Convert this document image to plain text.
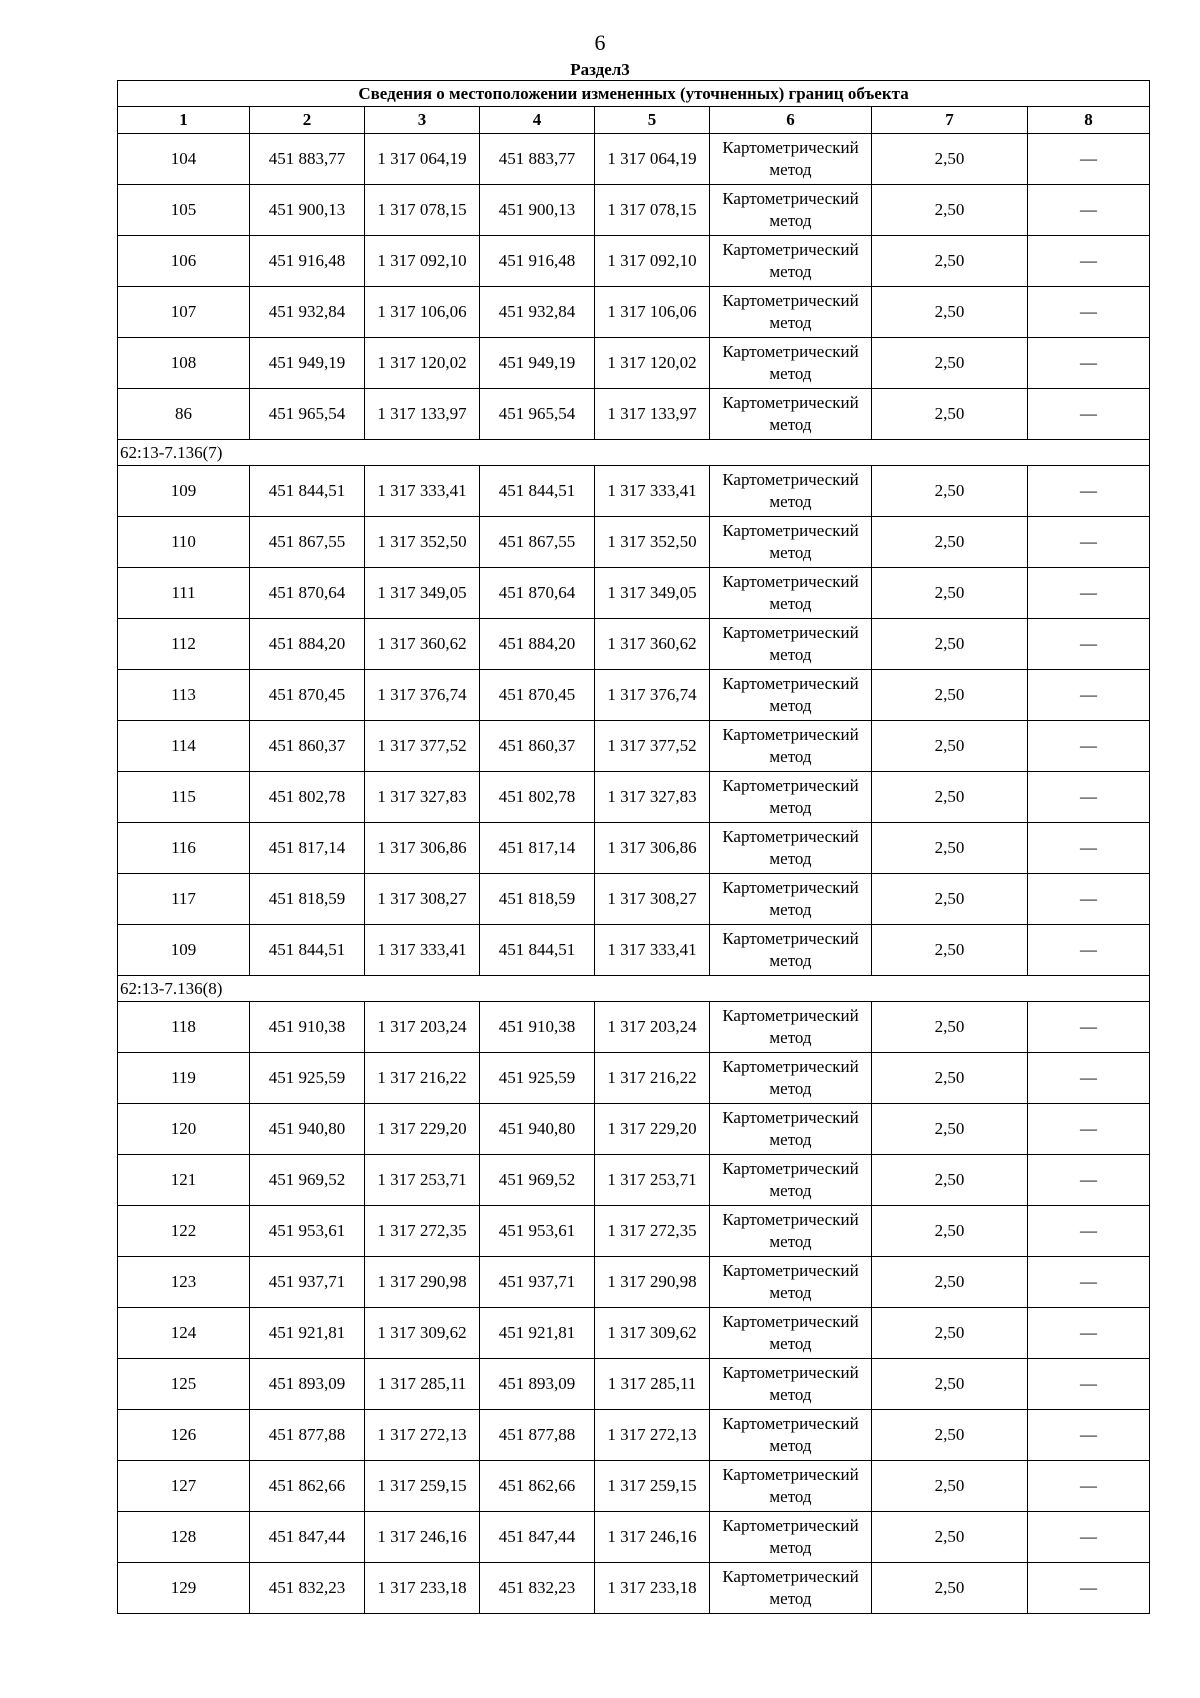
6
Раздел3
Сведения о местоположении измененных (уточненных) границ объекта							
1	2	3	4	5	6	7	8
104	451 883,77	1 317 064,19	451 883,77	1 317 064,19	Картометрический метод	2,50	—
105	451 900,13	1 317 078,15	451 900,13	1 317 078,15	Картометрический метод	2,50	—
106	451 916,48	1 317 092,10	451 916,48	1 317 092,10	Картометрический метод	2,50	—
107	451 932,84	1 317 106,06	451 932,84	1 317 106,06	Картометрический метод	2,50	—
108	451 949,19	1 317 120,02	451 949,19	1 317 120,02	Картометрический метод	2,50	—
86	451 965,54	1 317 133,97	451 965,54	1 317 133,97	Картометрический метод	2,50	—
62:13-7.136(7)							
109	451 844,51	1 317 333,41	451 844,51	1 317 333,41	Картометрический метод	2,50	—
110	451 867,55	1 317 352,50	451 867,55	1 317 352,50	Картометрический метод	2,50	—
111	451 870,64	1 317 349,05	451 870,64	1 317 349,05	Картометрический метод	2,50	—
112	451 884,20	1 317 360,62	451 884,20	1 317 360,62	Картометрический метод	2,50	—
113	451 870,45	1 317 376,74	451 870,45	1 317 376,74	Картометрический метод	2,50	—
114	451 860,37	1 317 377,52	451 860,37	1 317 377,52	Картометрический метод	2,50	—
115	451 802,78	1 317 327,83	451 802,78	1 317 327,83	Картометрический метод	2,50	—
116	451 817,14	1 317 306,86	451 817,14	1 317 306,86	Картометрический метод	2,50	—
117	451 818,59	1 317 308,27	451 818,59	1 317 308,27	Картометрический метод	2,50	—
109	451 844,51	1 317 333,41	451 844,51	1 317 333,41	Картометрический метод	2,50	—
62:13-7.136(8)							
118	451 910,38	1 317 203,24	451 910,38	1 317 203,24	Картометрический метод	2,50	—
119	451 925,59	1 317 216,22	451 925,59	1 317 216,22	Картометрический метод	2,50	—
120	451 940,80	1 317 229,20	451 940,80	1 317 229,20	Картометрический метод	2,50	—
121	451 969,52	1 317 253,71	451 969,52	1 317 253,71	Картометрический метод	2,50	—
122	451 953,61	1 317 272,35	451 953,61	1 317 272,35	Картометрический метод	2,50	—
123	451 937,71	1 317 290,98	451 937,71	1 317 290,98	Картометрический метод	2,50	—
124	451 921,81	1 317 309,62	451 921,81	1 317 309,62	Картометрический метод	2,50	—
125	451 893,09	1 317 285,11	451 893,09	1 317 285,11	Картометрический метод	2,50	—
126	451 877,88	1 317 272,13	451 877,88	1 317 272,13	Картометрический метод	2,50	—
127	451 862,66	1 317 259,15	451 862,66	1 317 259,15	Картометрический метод	2,50	—
128	451 847,44	1 317 246,16	451 847,44	1 317 246,16	Картометрический метод	2,50	—
129	451 832,23	1 317 233,18	451 832,23	1 317 233,18	Картометрический метод	2,50	—
